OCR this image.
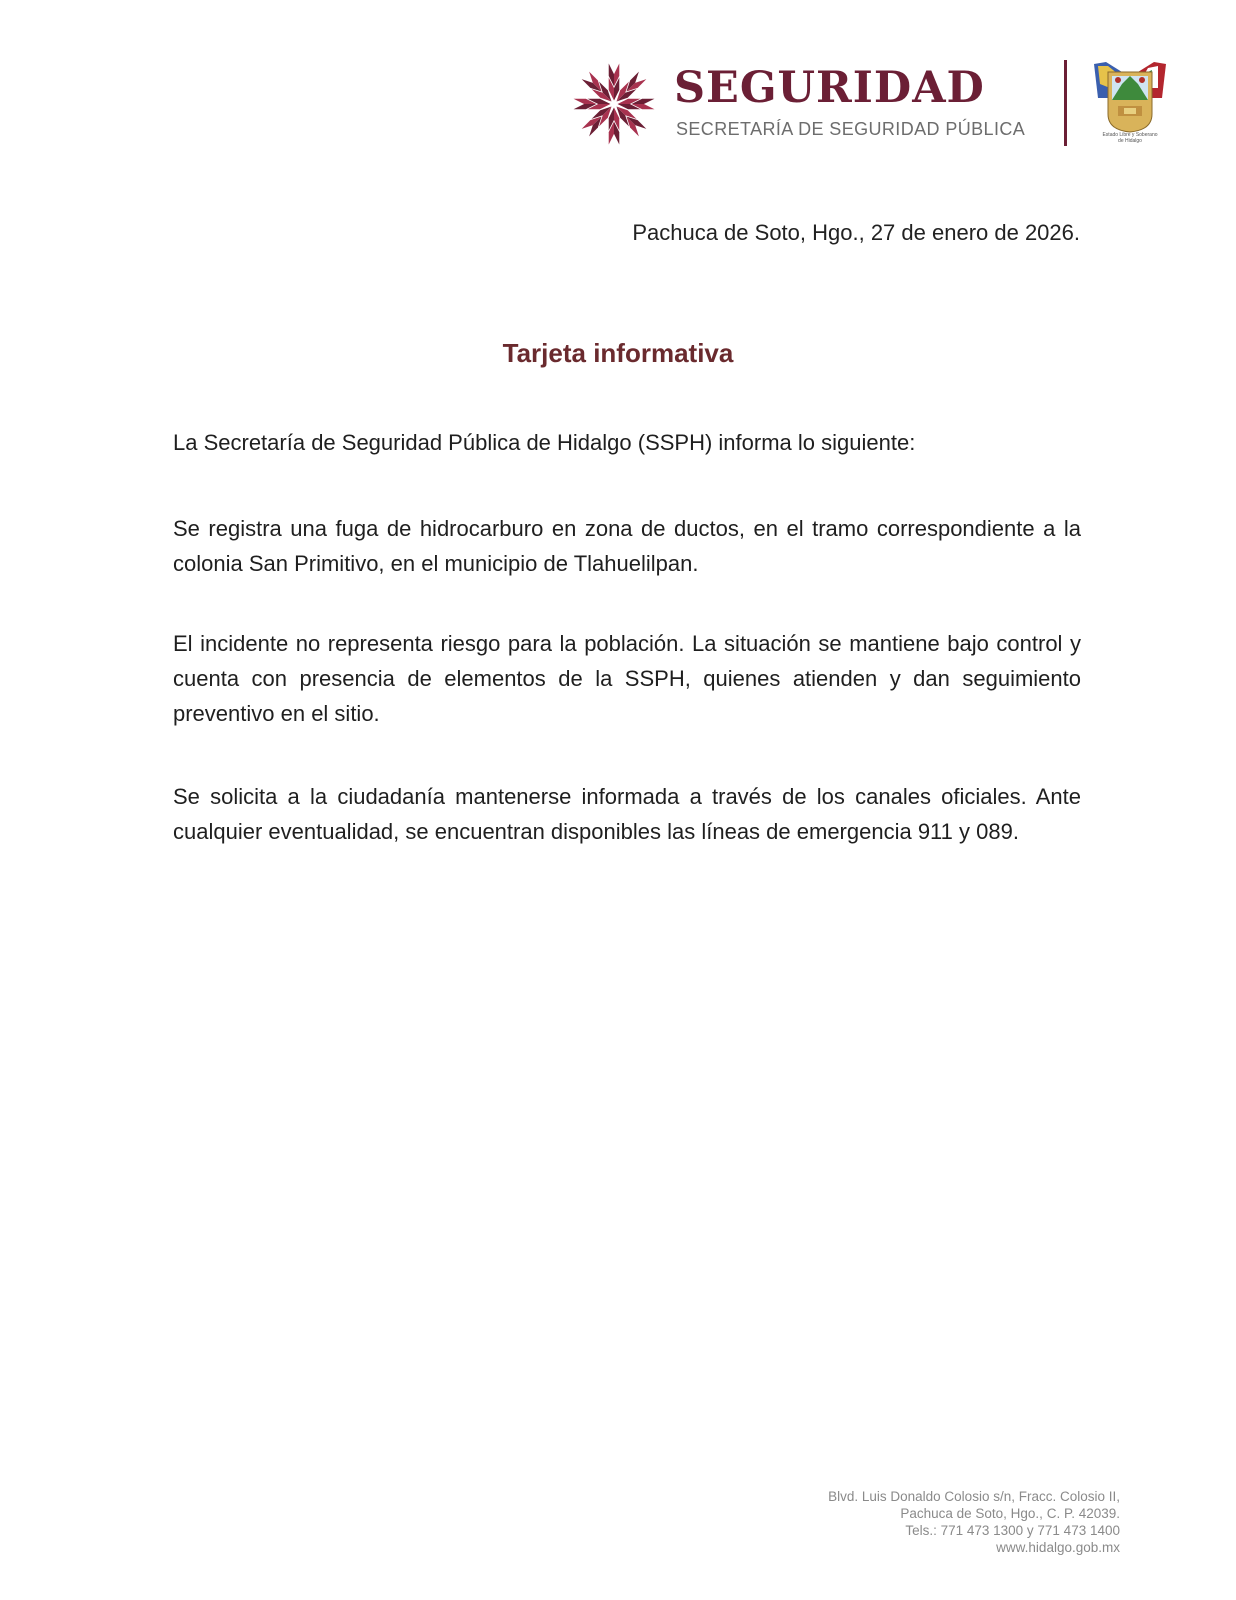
SEGURIDAD
SECRETARÍA DE SEGURIDAD PÚBLICA	Estado Libre y Soberano
de Hidalgo
Pachuca de Soto, Hgo., 27 de enero de 2026.
Tarjeta informativa

La Secretaría de Seguridad Pública de Hidalgo (SSPH) informa lo siguiente:

Se registra una fuga de hidrocarburo en zona de ductos, en el tramo correspondiente a la colonia San Primitivo, en el municipio de Tlahuelilpan.

El incidente no representa riesgo para la población. La situación se mantiene bajo control y cuenta con presencia de elementos de la SSPH, quienes atienden y dan seguimiento preventivo en el sitio.

Se solicita a la ciudadanía mantenerse informada a través de los canales oficiales. Ante cualquier eventualidad, se encuentran disponibles las líneas de emergencia 911 y 089.

Blvd. Luis Donaldo Colosio s/n, Fracc. Colosio II,
Pachuca de Soto, Hgo., C. P. 42039.
Tels.: 771 473 1300 y 771 473 1400
www.hidalgo.gob.mx
